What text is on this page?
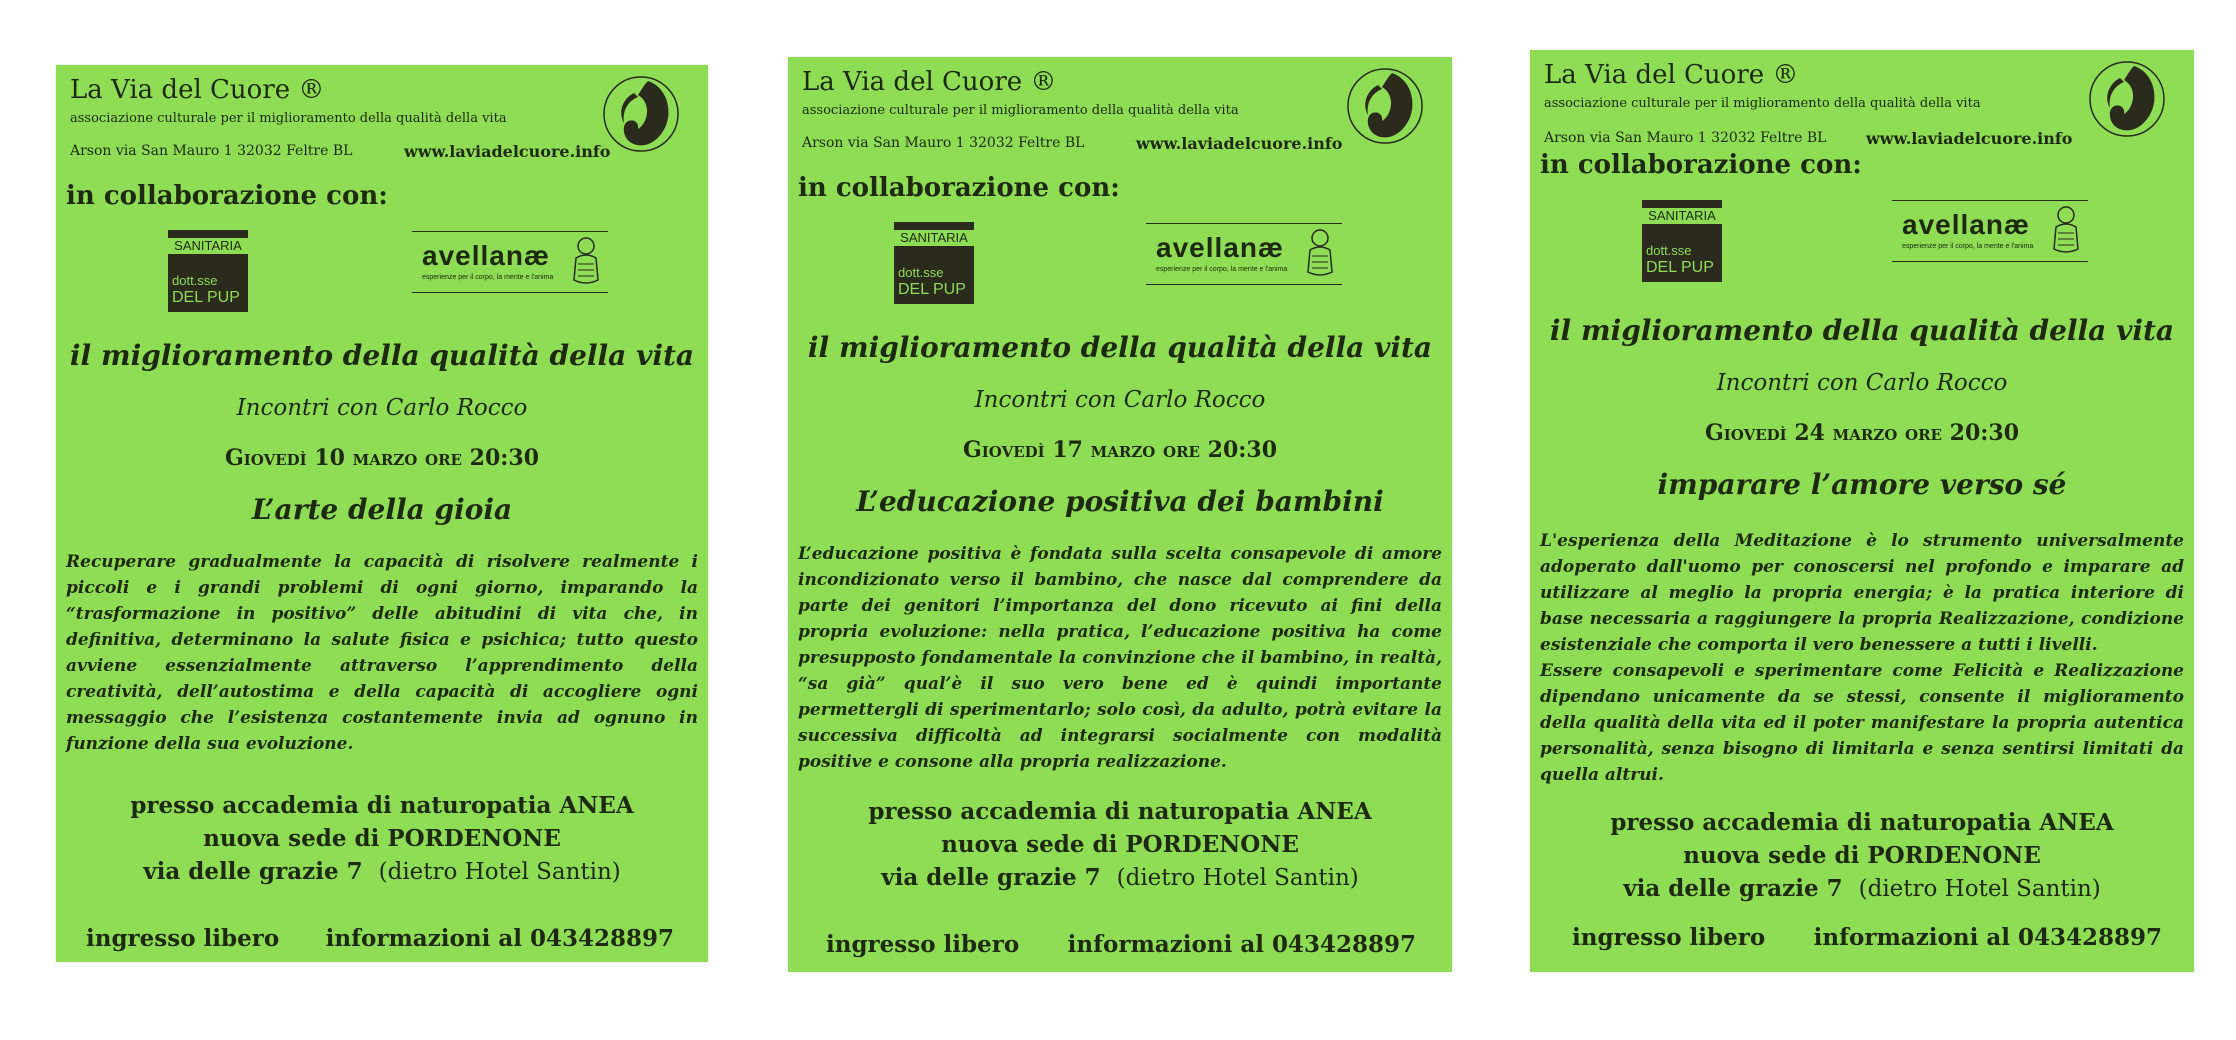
La Via del Cuore ®
associazione culturale per il miglioramento della qualità della vita
Arson via San Mauro 1 32032 Feltre BL	www.laviadelcuore.info
in collaborazione con:
SANITARIA
dott.sse
DEL PUP
avellanæ
esperienze per il corpo, la mente e l'anima
il miglioramento della qualità della vita
Incontri con Carlo Rocco
Giovedì 10 marzo ore 20:30
L’arte della gioia
Recuperare gradualmente la capacità di risolvere realmente i piccoli e i grandi problemi di ogni giorno, imparando la “trasformazione in positivo” delle abitudini di vita che, in definitiva, determinano la salute fisica e psichica; tutto questo avviene essenzialmente attraverso l’apprendimento della creatività, dell’autostima e della capacità di accogliere ogni messaggio che l’esistenza costantemente invia ad ognuno in funzione della sua evoluzione.
presso accademia di naturopatia ANEA
nuova sede di PORDENONE
via delle grazie 7 (dietro Hotel Santin)
ingresso libero informazioni al 043428897
La Via del Cuore ®
associazione culturale per il miglioramento della qualità della vita
Arson via San Mauro 1 32032 Feltre BL	www.laviadelcuore.info
in collaborazione con:
SANITARIA
dott.sse
DEL PUP
avellanæ
esperienze per il corpo, la mente e l'anima
il miglioramento della qualità della vita
Incontri con Carlo Rocco
Giovedì 17 marzo ore 20:30
L’educazione positiva dei bambini
L’educazione positiva è fondata sulla scelta consapevole di amore incondizionato verso il bambino, che nasce dal comprendere da parte dei genitori l’importanza del dono ricevuto ai fini della propria evoluzione: nella pratica, l’educazione positiva ha come presupposto fondamentale la convinzione che il bambino, in realtà, “sa già” qual’è il suo vero bene ed è quindi importante permettergli di sperimentarlo; solo così, da adulto, potrà evitare la successiva difficoltà ad integrarsi socialmente con modalità positive e consone alla propria realizzazione.
presso accademia di naturopatia ANEA
nuova sede di PORDENONE
via delle grazie 7 (dietro Hotel Santin)
ingresso libero informazioni al 043428897
La Via del Cuore ®
associazione culturale per il miglioramento della qualità della vita
Arson via San Mauro 1 32032 Feltre BL www.laviadelcuore.info
in collaborazione con:
SANITARIA
dott.sse
DEL PUP
avellanæ
esperienze per il corpo, la mente e l'anima
il miglioramento della qualità della vita
Incontri con Carlo Rocco
Giovedì 24 marzo ore 20:30
imparare l’amore verso sé
L'esperienza della Meditazione è lo strumento universalmente adoperato dall'uomo per conoscersi nel profondo e imparare ad utilizzare al meglio la propria energia; è la pratica interiore di base necessaria a raggiungere la propria Realizzazione, condizione esistenziale che comporta il vero benessere a tutti i livelli.
Essere consapevoli e sperimentare come Felicità e Realizzazione dipendano unicamente da se stessi, consente il miglioramento della qualità della vita ed il poter manifestare la propria autentica personalità, senza bisogno di limitarla e senza sentirsi limitati da quella altrui.
presso accademia di naturopatia ANEA
nuova sede di PORDENONE
via delle grazie 7 (dietro Hotel Santin)
ingresso libero informazioni al 043428897
